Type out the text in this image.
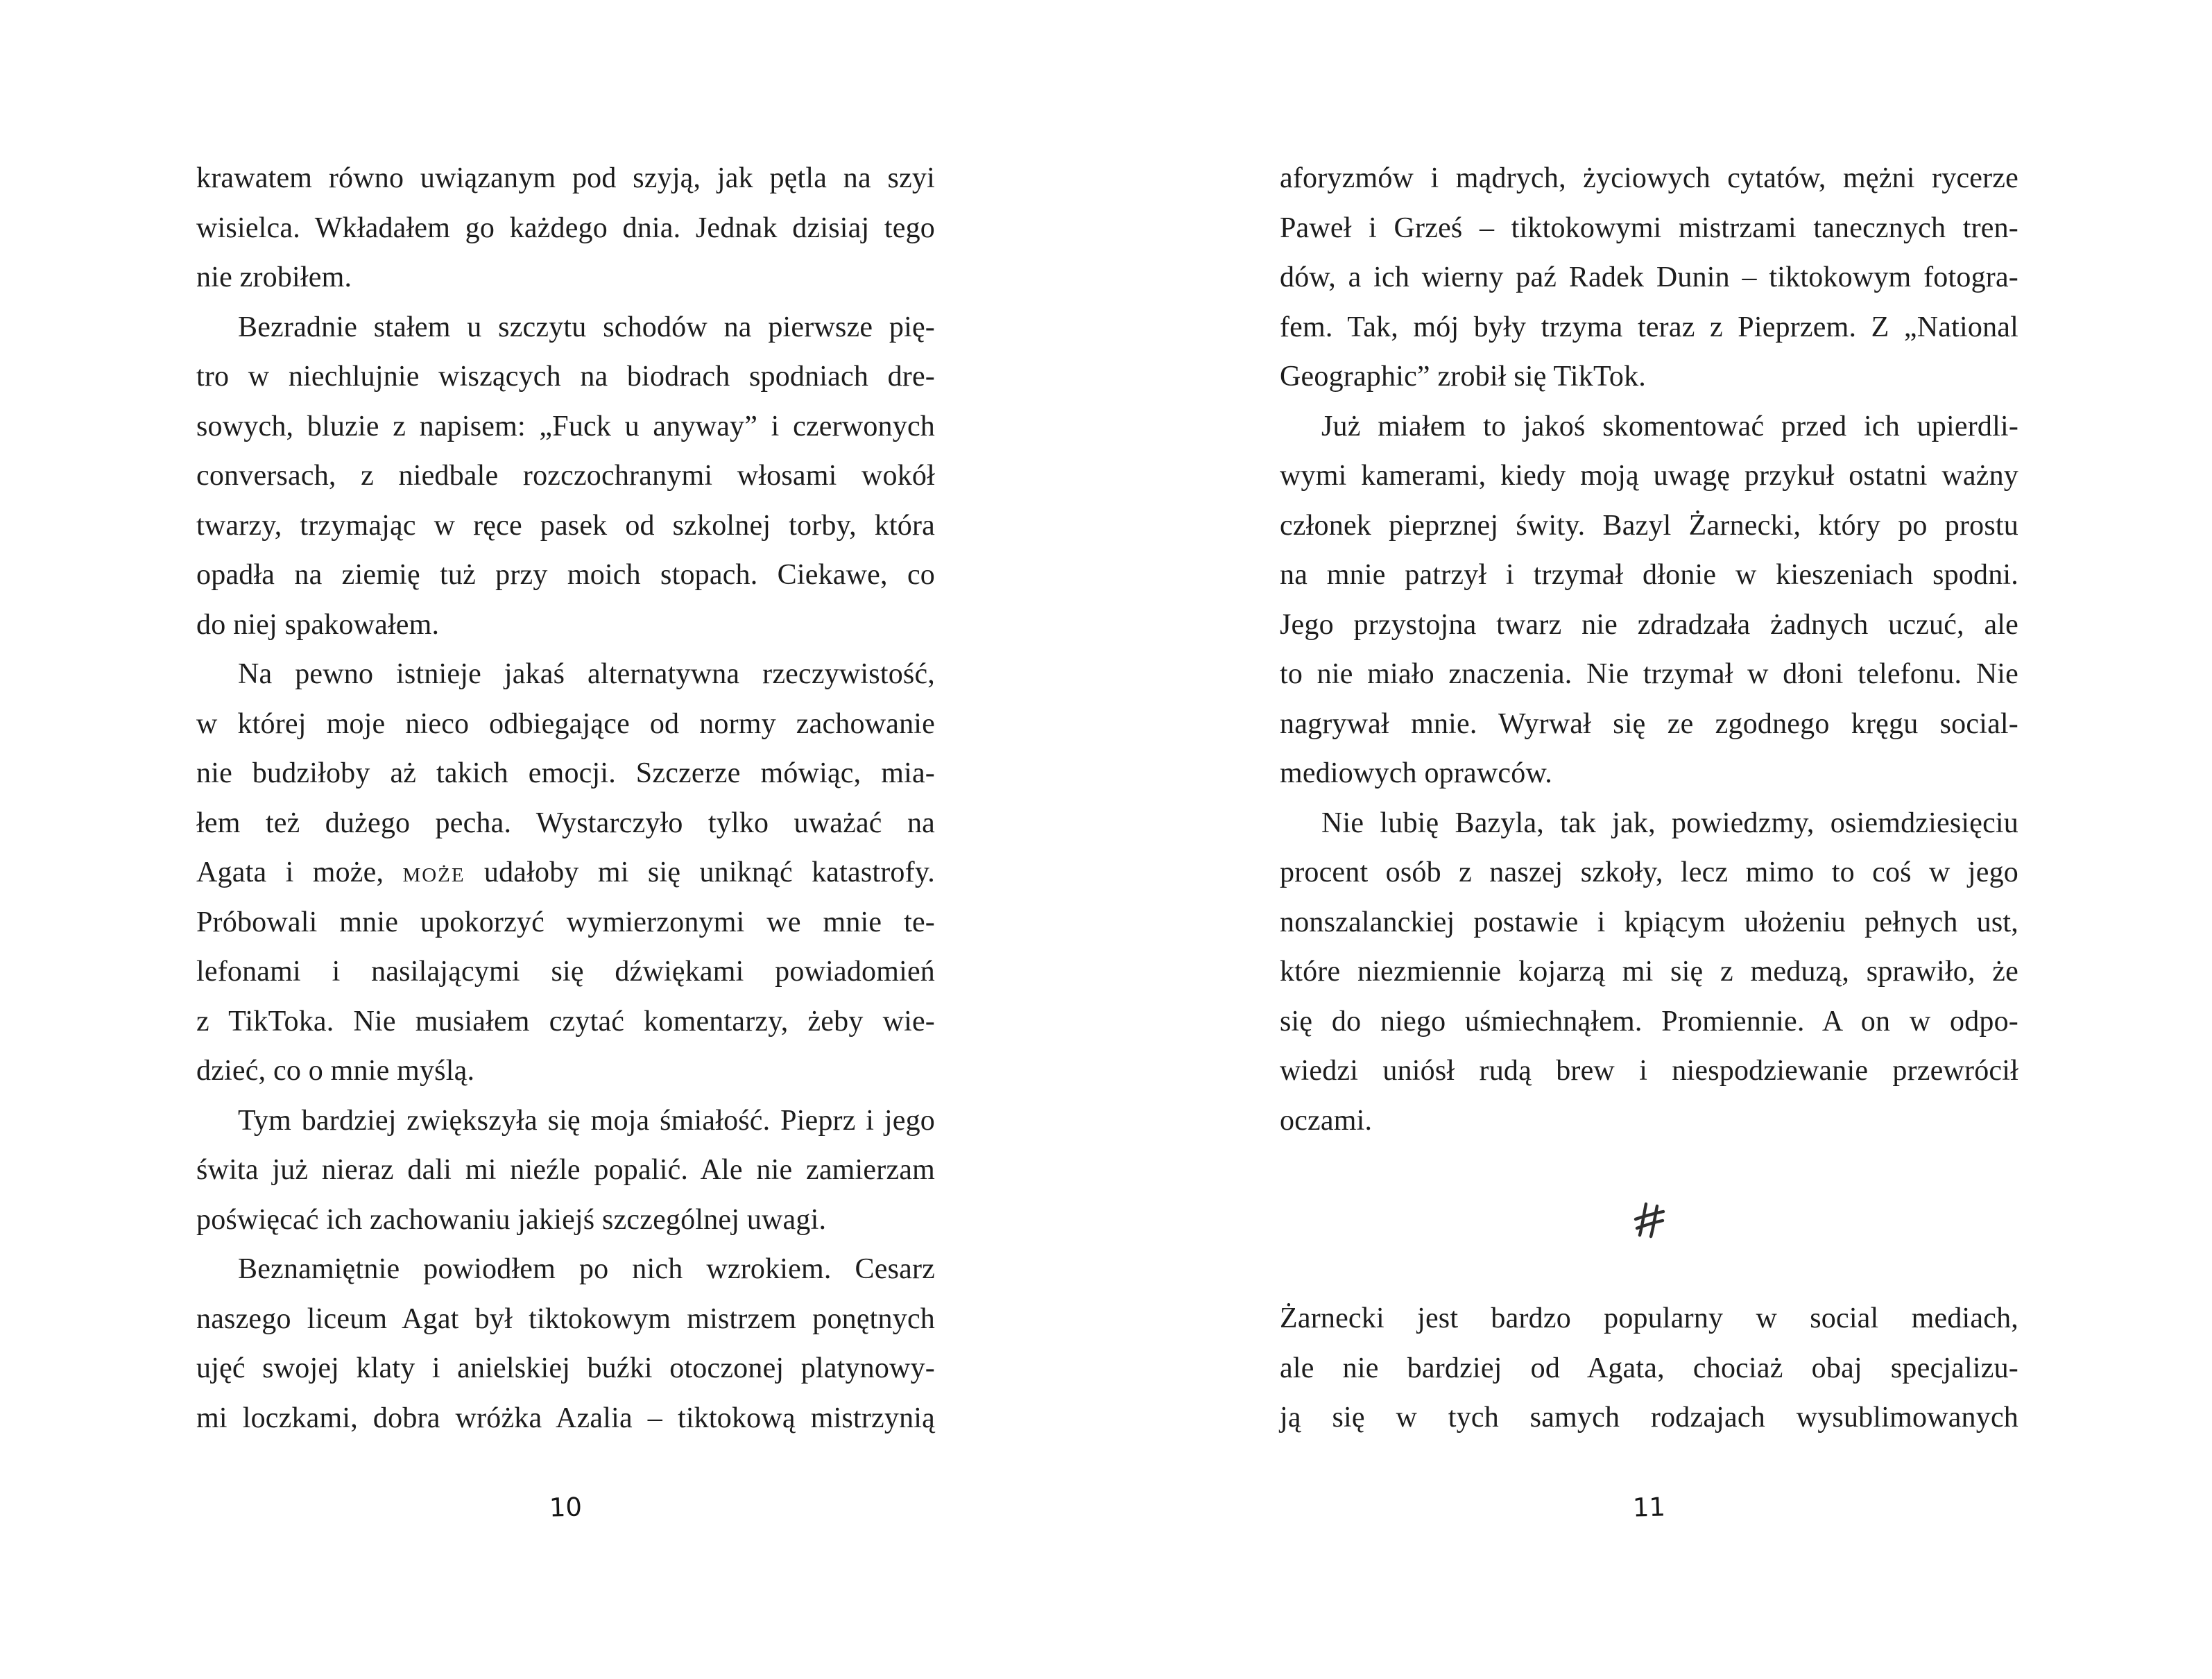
krawatem równo uwiązanym pod szyją, jak pętla na szyi
wisielca. Wkładałem go każdego dnia. Jednak dzisiaj tego
nie zrobiłem.
Bezradnie stałem u szczytu schodów na pierwsze pię-
tro w niechlujnie wiszących na biodrach spodniach dre-
sowych, bluzie z napisem: „Fuck u anyway” i czerwonych
conversach, z niedbale rozczochranymi włosami wokół
twarzy, trzymając w ręce pasek od szkolnej torby, która
opadła na ziemię tuż przy moich stopach. Ciekawe, co
do niej spakowałem.
Na pewno istnieje jakaś alternatywna rzeczywistość,
w której moje nieco odbiegające od normy zachowanie
nie budziłoby aż takich emocji. Szczerze mówiąc, mia-
łem też dużego pecha. Wystarczyło tylko uważać na
Agata i może, może udałoby mi się uniknąć katastrofy.
Próbowali mnie upokorzyć wymierzonymi we mnie te-
lefonami i nasilającymi się dźwiękami powiadomień
z TikToka. Nie musiałem czytać komentarzy, żeby wie-
dzieć, co o mnie myślą.
Tym bardziej zwiększyła się moja śmiałość. Pieprz i jego
świta już nieraz dali mi nieźle popalić. Ale nie zamierzam
poświęcać ich zachowaniu jakiejś szczególnej uwagi.
Beznamiętnie powiodłem po nich wzrokiem. Cesarz
naszego liceum Agat był tiktokowym mistrzem ponętnych
ujęć swojej klaty i anielskiej buźki otoczonej platynowy-
mi loczkami, dobra wróżka Azalia – tiktokową mistrzynią
10
aforyzmów i mądrych, życiowych cytatów, mężni rycerze
Paweł i Grześ – tiktokowymi mistrzami tanecznych tren-
dów, a ich wierny paź Radek Dunin – tiktokowym fotogra-
fem. Tak, mój były trzyma teraz z Pieprzem. Z „National
Geographic” zrobił się TikTok.
Już miałem to jakoś skomentować przed ich upierdli-
wymi kamerami, kiedy moją uwagę przykuł ostatni ważny
członek pieprznej świty. Bazyl Żarnecki, który po prostu
na mnie patrzył i trzymał dłonie w kieszeniach spodni.
Jego przystojna twarz nie zdradzała żadnych uczuć, ale
to nie miało znaczenia. Nie trzymał w dłoni telefonu. Nie
nagrywał mnie. Wyrwał się ze zgodnego kręgu social-
mediowych oprawców.
Nie lubię Bazyla, tak jak, powiedzmy, osiemdziesięciu
procent osób z naszej szkoły, lecz mimo to coś w jego
nonszalanckiej postawie i kpiącym ułożeniu pełnych ust,
które niezmiennie kojarzą mi się z meduzą, sprawiło, że
się do niego uśmiechnąłem. Promiennie. A on w odpo-
wiedzi uniósł rudą brew i niespodziewanie przewrócił
oczami.
Żarnecki jest bardzo popularny w social mediach,
ale nie bardziej od Agata, chociaż obaj specjalizu-
ją się w tych samych rodzajach wysublimowanych
11
